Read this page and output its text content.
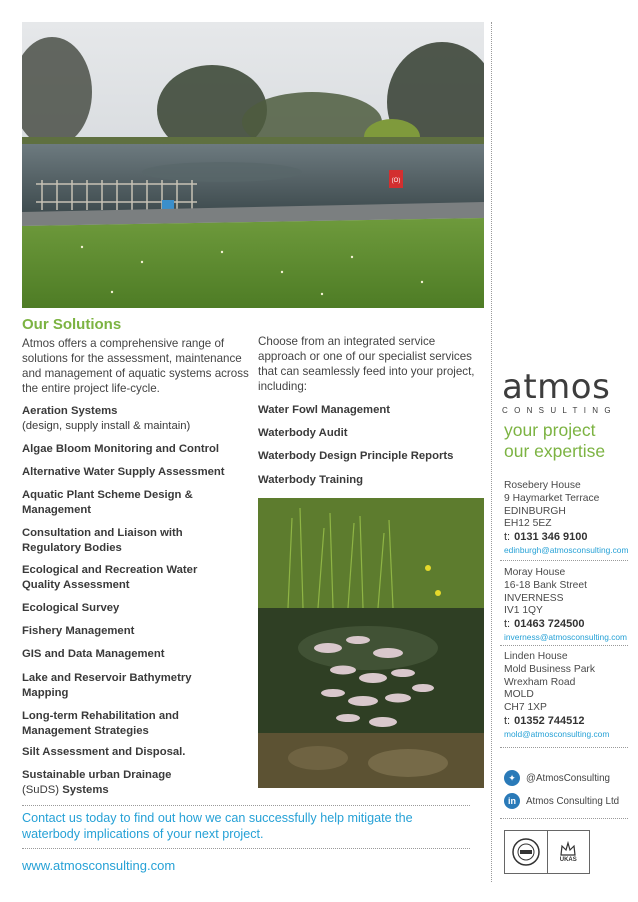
(O)
Our Solutions
Atmos offers a comprehensive range of solutions for the assessment, maintenance and management of aquatic systems across the entire project life-cycle.
Choose from an integrated service approach or one of our specialist services that can seamlessly feed into your project, including:
Aeration Systems
(design, supply install & maintain)
Algae Bloom Monitoring and Control
Alternative Water Supply Assessment
Aquatic Plant Scheme Design &
Management
Consultation and Liaison with
Regulatory Bodies
Ecological and Recreation Water
Quality Assessment
Ecological Survey
Fishery Management
GIS and Data Management
Lake and Reservoir Bathymetry
Mapping
Long-term Rehabilitation and
Management Strategies
Silt Assessment and Disposal.
Sustainable urban Drainage
(SuDS) Systems
Water Fowl Management
Waterbody Audit
Waterbody Design Principle Reports
Waterbody Training
Contact us today to find out how we can successfully help mitigate the waterbody implications of your next project.
www.atmosconsulting.com
atmos
CONSULTING
your project
our expertise
Rosebery House
9 Haymarket Terrace
EDINBURGH
EH12 5EZ
t: 0131 346 9100
edinburgh@atmosconsulting.com
Moray House
16-18 Bank Street
INVERNESS
IV1 1QY
t: 01463 724500
inverness@atmosconsulting.com
Linden House
Mold Business Park
Wrexham Road
MOLD
CH7 1XP
t: 01352 744512
mold@atmosconsulting.com
✦	@AtmosConsulting
in	Atmos Consulting Ltd
UKAS
